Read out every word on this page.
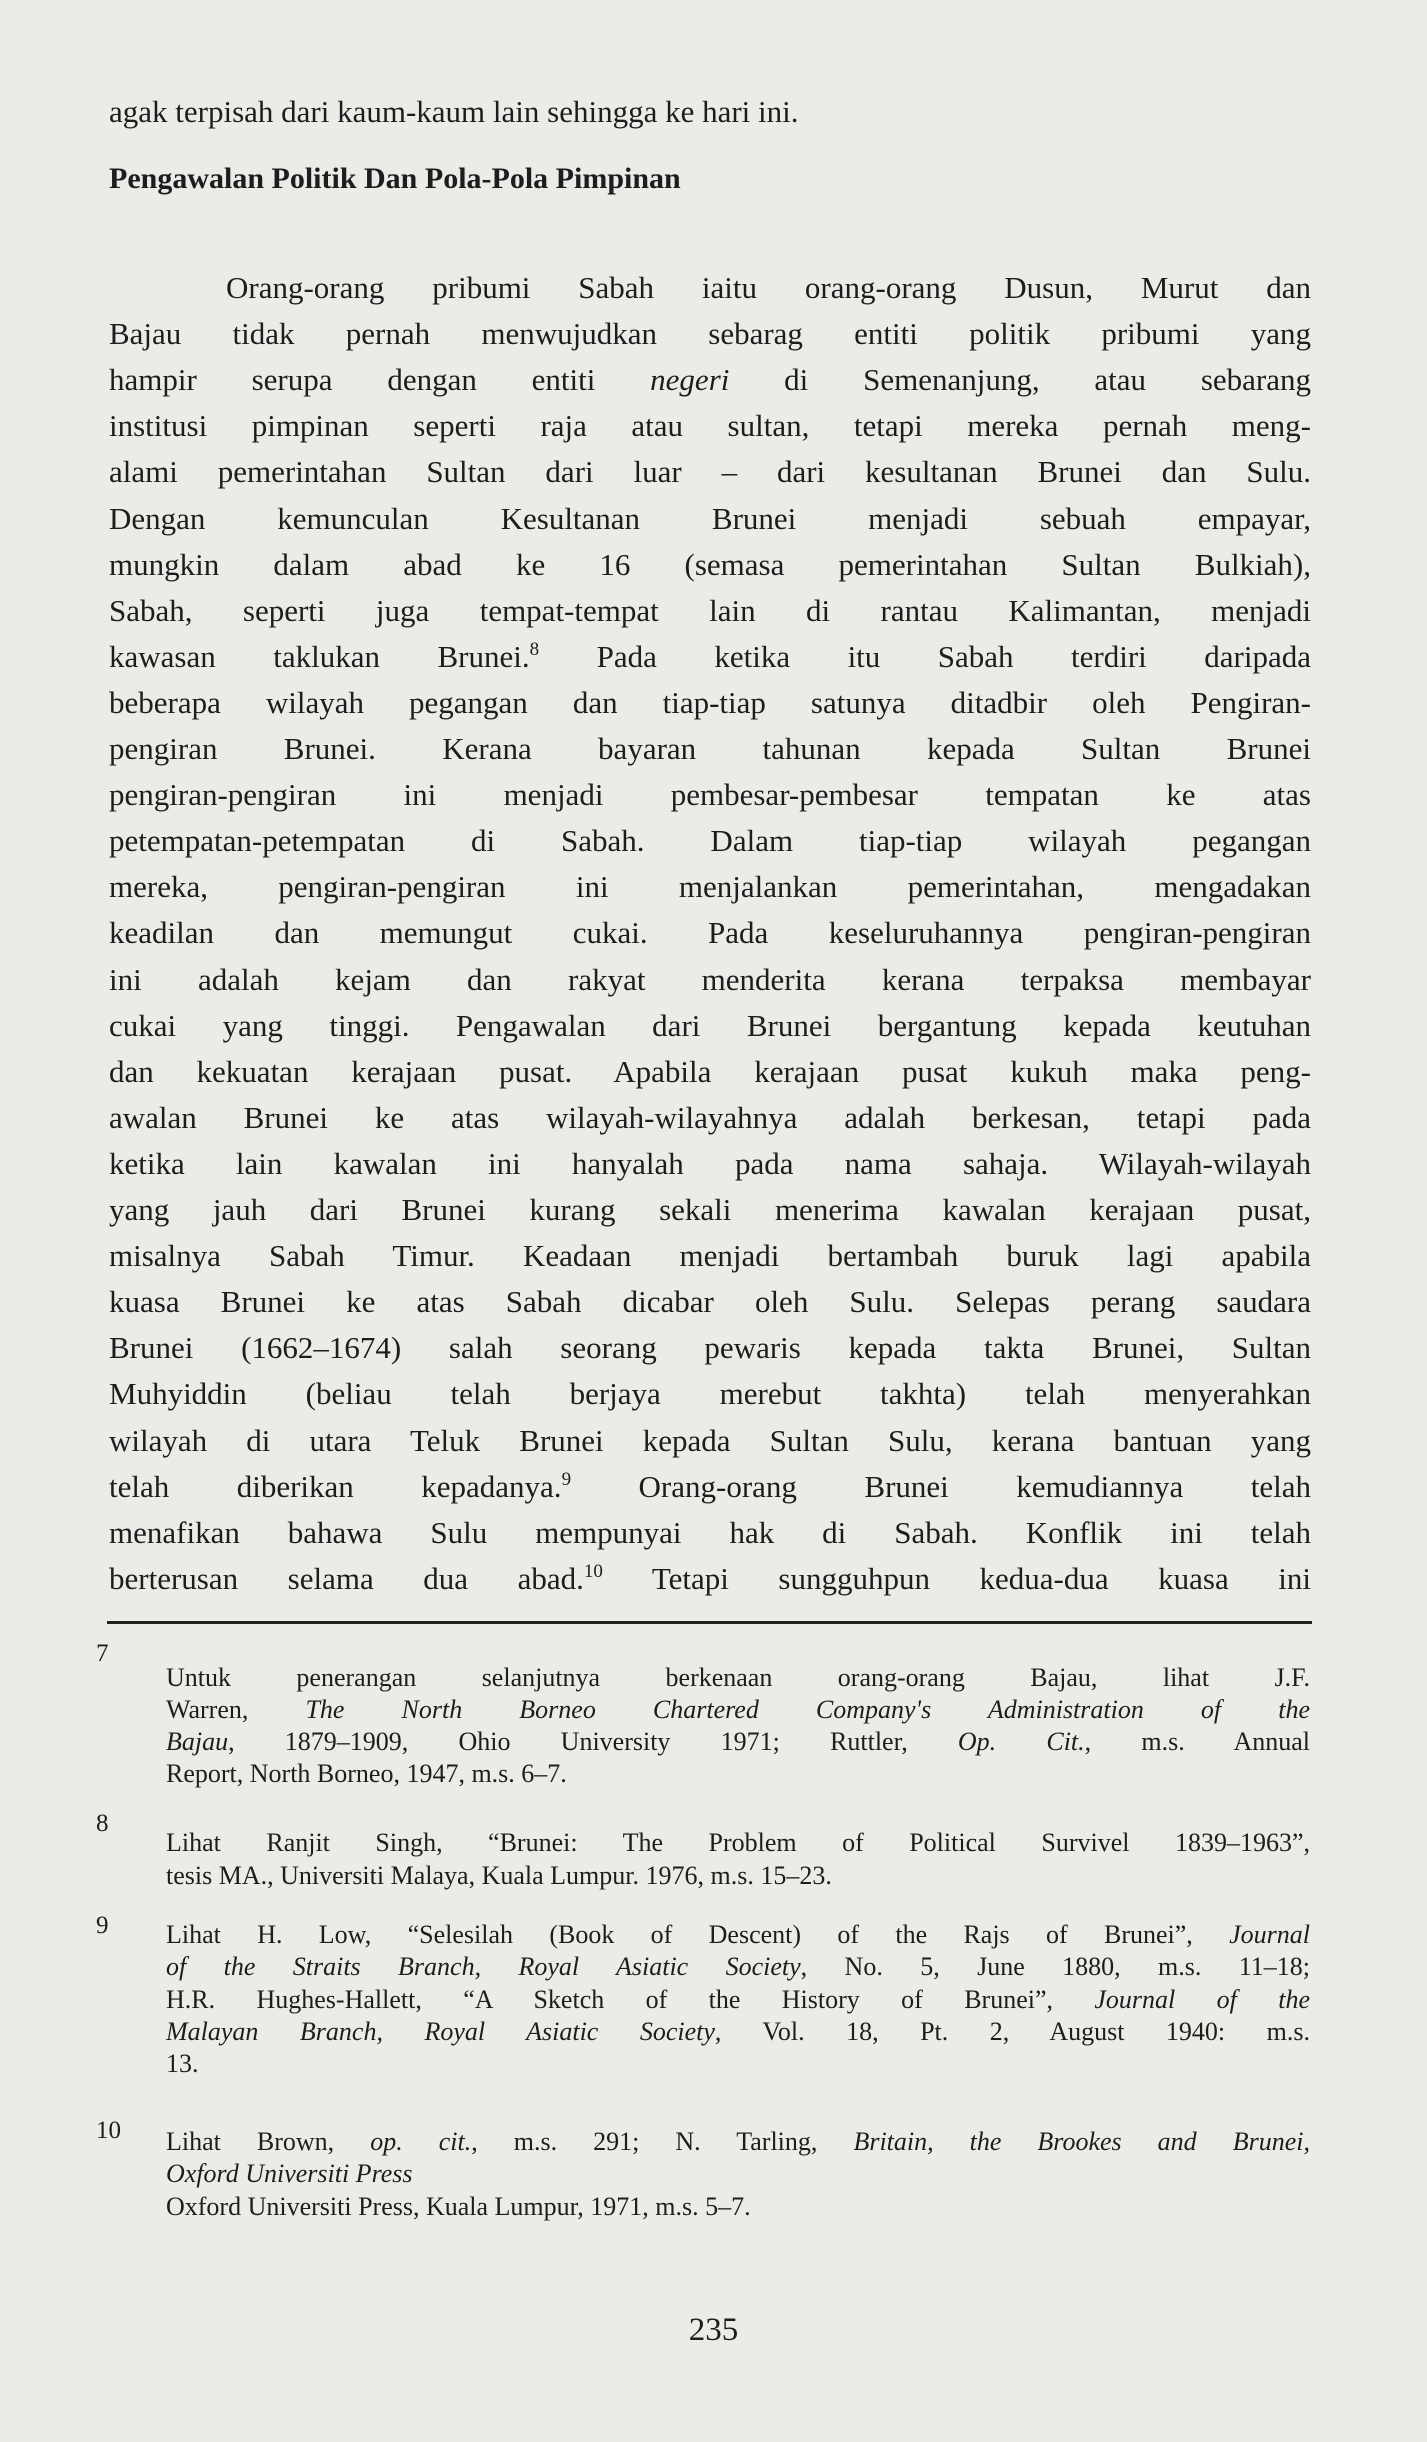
agak terpisah dari kaum-kaum lain sehingga ke hari ini.
Pengawalan Politik Dan Pola-Pola Pimpinan
Orang-orang pribumi Sabah iaitu orang-orang Dusun, Murut dan
Bajau tidak pernah menwujudkan sebarag entiti politik pribumi yang
hampir serupa dengan entiti negeri di Semenanjung, atau sebarang
institusi pimpinan seperti raja atau sultan, tetapi mereka pernah meng-
alami pemerintahan Sultan dari luar – dari kesultanan Brunei dan Sulu.
Dengan kemunculan Kesultanan Brunei menjadi sebuah empayar,
mungkin dalam abad ke 16 (semasa pemerintahan Sultan Bulkiah),
Sabah, seperti juga tempat-tempat lain di rantau Kalimantan, menjadi
kawasan taklukan Brunei.$^8$ Pada ketika itu Sabah terdiri daripada
beberapa wilayah pegangan dan tiap-tiap satunya ditadbir oleh Pengiran-
pengiran Brunei. Kerana bayaran tahunan kepada Sultan Brunei
pengiran-pengiran ini menjadi pembesar-pembesar tempatan ke atas
petempatan-petempatan di Sabah. Dalam tiap-tiap wilayah pegangan
mereka, pengiran-pengiran ini menjalankan pemerintahan, mengadakan
keadilan dan memungut cukai. Pada keseluruhannya pengiran-pengiran
ini adalah kejam dan rakyat menderita kerana terpaksa membayar
cukai yang tinggi. Pengawalan dari Brunei bergantung kepada keutuhan
dan kekuatan kerajaan pusat. Apabila kerajaan pusat kukuh maka peng-
awalan Brunei ke atas wilayah-wilayahnya adalah berkesan, tetapi pada
ketika lain kawalan ini hanyalah pada nama sahaja. Wilayah-wilayah
yang jauh dari Brunei kurang sekali menerima kawalan kerajaan pusat,
misalnya Sabah Timur. Keadaan menjadi bertambah buruk lagi apabila
kuasa Brunei ke atas Sabah dicabar oleh Sulu. Selepas perang saudara
Brunei (1662–1674) salah seorang pewaris kepada takta Brunei, Sultan
Muhyiddin (beliau telah berjaya merebut takhta) telah menyerahkan
wilayah di utara Teluk Brunei kepada Sultan Sulu, kerana bantuan yang
telah diberikan kepadanya.$^9$ Orang-orang Brunei kemudiannya telah
menafikan bahawa Sulu mempunyai hak di Sabah. Konflik ini telah
berterusan selama dua abad.$^{10}$ Tetapi sungguhpun kedua-dua kuasa ini
7
Untuk penerangan selanjutnya berkenaan orang-orang Bajau, lihat J.F.
Warren, The North Borneo Chartered Company's Administration of the
Bajau, 1879–1909, Ohio University 1971; Ruttler, Op. Cit., m.s. Annual
Report, North Borneo, 1947, m.s. 6–7.
8
Lihat Ranjit Singh, “Brunei: The Problem of Political Survivel 1839–1963”,
tesis MA., Universiti Malaya, Kuala Lumpur. 1976, m.s. 15–23.
9 Lihat H. Low, “Selesilah (Book of Descent) of the Rajs of Brunei”, Journal
of the Straits Branch, Royal Asiatic Society, No. 5, June 1880, m.s. 11–18;
H.R. Hughes-Hallett, “A Sketch of the History of Brunei”, Journal of the
Malayan Branch, Royal Asiatic Society, Vol. 18, Pt. 2, August 1940: m.s.
13.
10 Lihat Brown, op. cit., m.s. 291; N. Tarling, Britain, the Brookes and Brunei,
Oxford Universiti Press
Oxford Universiti Press, Kuala Lumpur, 1971, m.s. 5–7.
235
